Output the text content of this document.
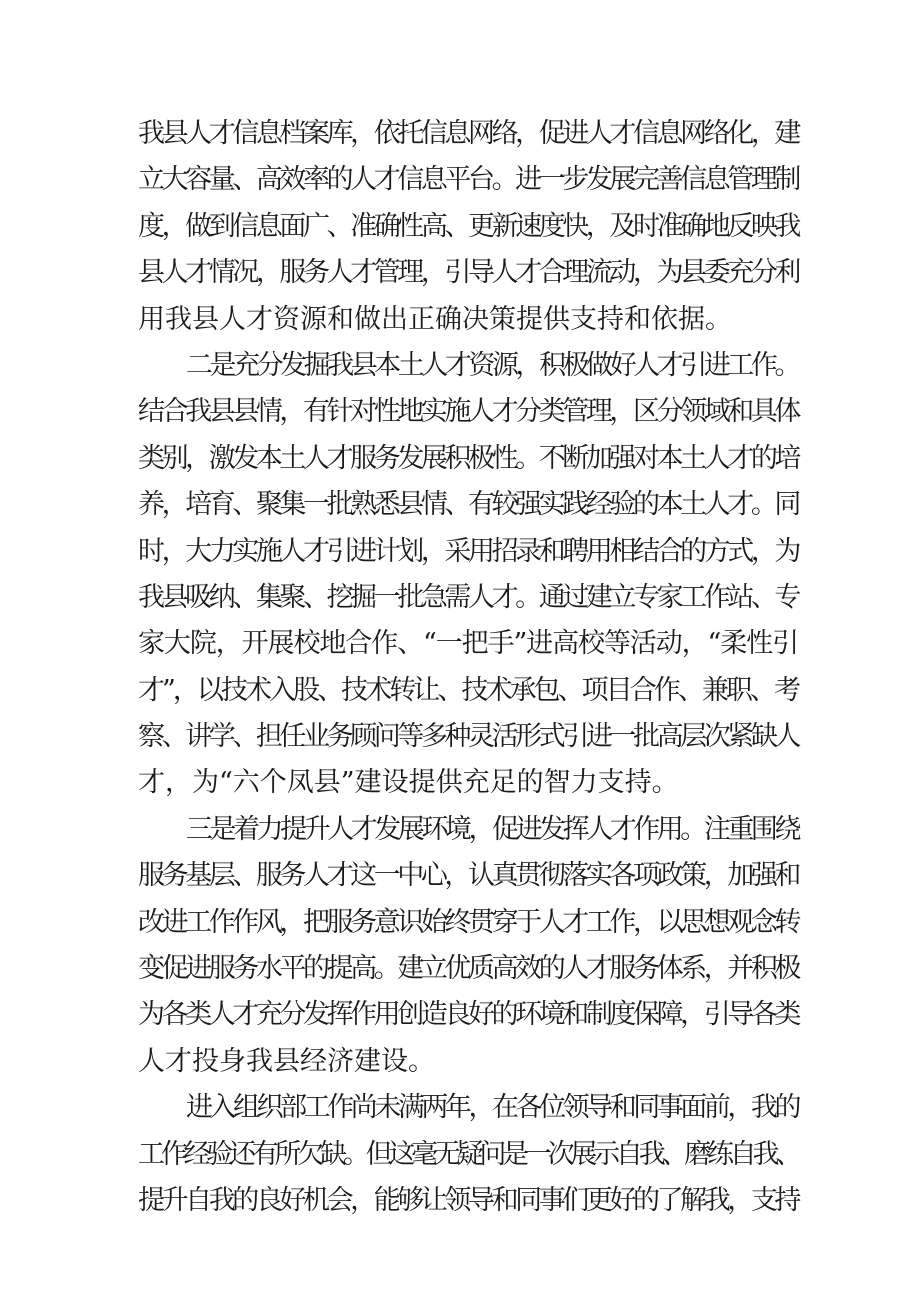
我县人才信息档案库，依托信息网络，促进人才信息网络化，建
立大容量、高效率的人才信息平台。进一步发展完善信息管理制
度，做到信息面广、准确性高、更新速度快，及时准确地反映我
县人才情况，服务人才管理，引导人才合理流动，为县委充分利
用我县人才资源和做出正确决策提供支持和依据。
二是充分发掘我县本土人才资源，积极做好人才引进工作。
结合我县县情，有针对性地实施人才分类管理，区分领域和具体
类别，激发本土人才服务发展积极性。不断加强对本土人才的培
养，培育、聚集一批熟悉县情、有较强实践经验的本土人才。同
时，大力实施人才引进计划，采用招录和聘用相结合的方式，为
我县吸纳、集聚、挖掘一批急需人才。通过建立专家工作站、专
家大院，开展校地合作、“一把手”进高校等活动，“柔性引
才”，以技术入股、技术转让、技术承包、项目合作、兼职、考
察、讲学、担任业务顾问等多种灵活形式引进一批高层次紧缺人
才，为“六个凤县”建设提供充足的智力支持。
三是着力提升人才发展环境，促进发挥人才作用。注重围绕
服务基层、服务人才这一中心，认真贯彻落实各项政策，加强和
改进工作作风，把服务意识始终贯穿于人才工作，以思想观念转
变促进服务水平的提高。建立优质高效的人才服务体系，并积极
为各类人才充分发挥作用创造良好的环境和制度保障，引导各类
人才投身我县经济建设。
进入组织部工作尚未满两年，在各位领导和同事面前，我的
工作经验还有所欠缺。但这毫无疑问是一次展示自我、磨练自我、
提升自我的良好机会，能够让领导和同事们更好的了解我，支持
